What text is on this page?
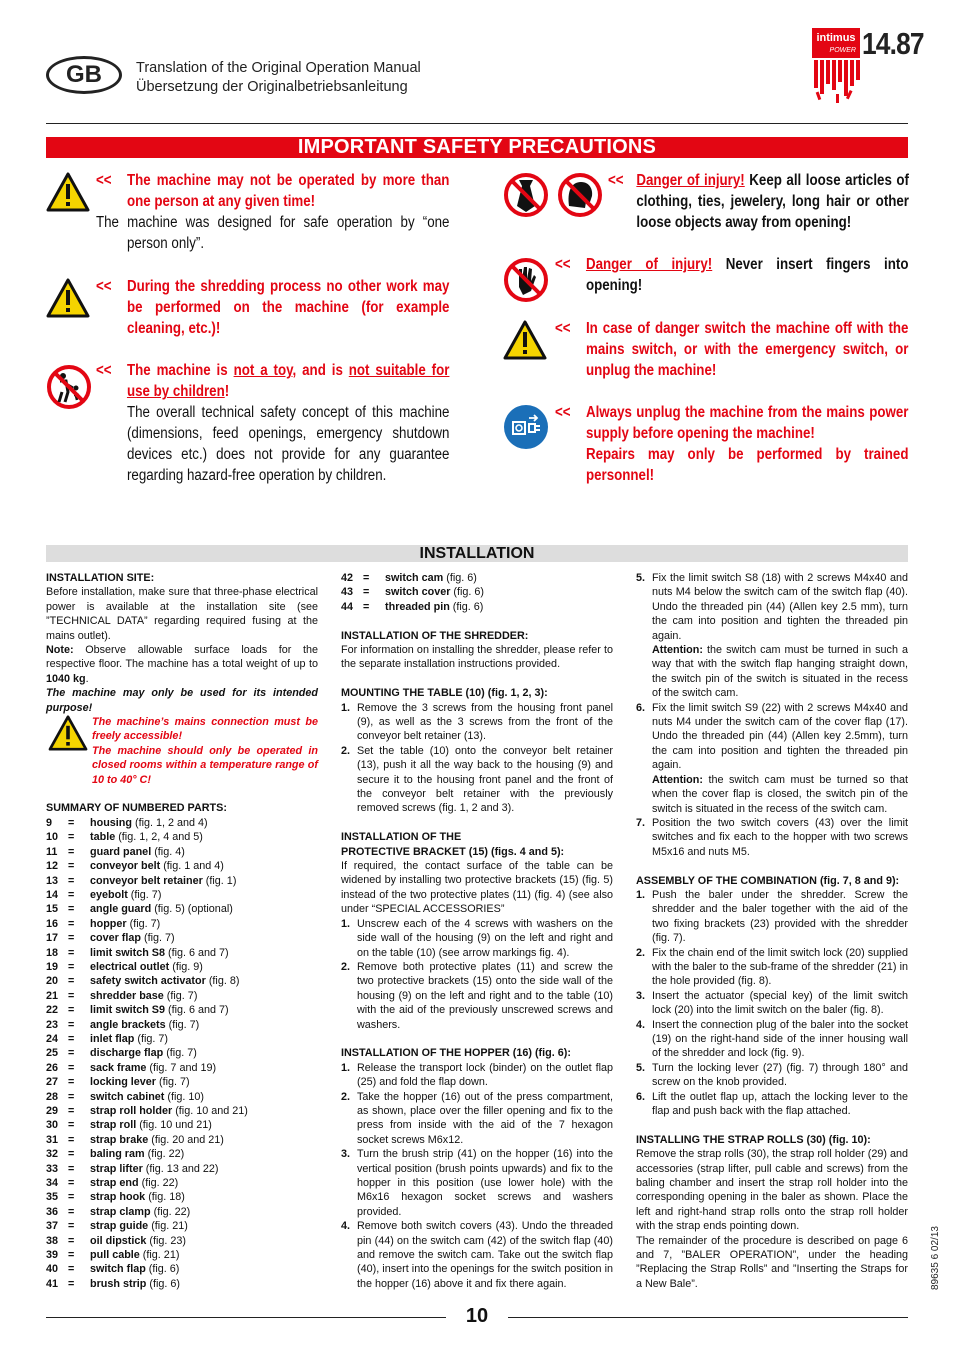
GB	Translation of the Original Operation Manual
Übersetzung der Originalbetriebsanleitung
intimus
POWER 14.87
IMPORTANT SAFETY PRECAUTIONS
<< The machine may not be operated by more than one person at any given time!
The machine was designed for safe operation by “one person only”.
<< During the shredding process no other work may be performed on the machine (for example cleaning, etc.)!
<< The machine is not a toy, and is not suitable for use by children!
The overall technical safety concept of this machine (dimensions, feed openings, emergency shutdown devices etc.) does not provide for any guarantee regarding hazard-free operation by children.
<< Danger of injury! Keep all loose articles of clothing, ties, jewelery, long hair or other loose objects away from opening!
<< Danger of injury! Never insert fingers into opening!
<< In case of danger switch the machine off with the mains switch, or with the emergency switch, or unplug the machine!
<< Always unplug the machine from the mains power supply before opening the machine!
Repairs may only be performed by trained personnel!
INSTALLATION
INSTALLATION SITE:
Before installation, make sure that three-phase electrical power is available at the installation site (see ”TECHNICAL DATA” regarding required fusing at the mains outlet).
Note: Observe allowable surface loads for the respective floor. The machine has a total weight of up to 1040 kg.
The machine may only be used for its intended purpose!
The machine’s mains connection must be freely accessible!
The machine should only be operated in closed rooms within a temperature range of 10 to 40° C!
SUMMARY OF NUMBERED PARTS:
9	=	housing (fig. 1, 2 and 4)
10 =	table (fig. 1, 2, 4 and 5)
11 =	guard panel (fig. 4)
12 =	conveyor belt (fig. 1 and 4)
13 =	conveyor belt retainer (fig. 1)
14 =	eyebolt (fig. 7)
15 =	angle guard (fig. 5) (optional)
16 =	hopper (fig. 7)
17 =	cover flap (fig. 7)
18 =	limit switch S8 (fig. 6 and 7)
19 =	electrical outlet (fig. 9)
20 =	safety switch activator (fig. 8)
21 =	shredder base (fig. 7)
22 =	limit switch S9 (fig. 6 and 7)
23 =	angle brackets (fig. 7)
24 =	inlet flap (fig. 7)
25 =	discharge flap (fig. 7)
26 =	sack frame (fig. 7 and 19)
27 =	locking lever (fig. 7)
28 =	switch cabinet (fig. 10)
29 =	strap roll holder (fig. 10 and 21)
30 =	strap roll (fig. 10 und 21)
31 =	strap brake (fig. 20 and 21)
32 =	baling ram (fig. 22)
33 =	strap lifter (fig. 13 and 22)
34 =	strap end (fig. 22)
35 =	strap hook (fig. 18)
36 =	strap clamp (fig. 22)
37 =	strap guide (fig. 21)
38 =	oil dipstick (fig. 23)
39 =	pull cable (fig. 21)
40 =	switch flap (fig. 6)
41 =	brush strip (fig. 6)
42 =	switch cam (fig. 6)
43 =	switch cover (fig. 6)
44 =	threaded pin (fig. 6)
INSTALLATION OF THE SHREDDER:
For information on installing the shredder, please refer to the separate installation instructions provided.
MOUNTING THE TABLE (10) (fig. 1, 2, 3):
1. Remove the 3 screws from the housing front panel (9), as well as the 3 screws from the front of the conveyor belt retainer (13).
2. Set the table (10) onto the conveyor belt retainer (13), push it all the way back to the housing (9) and secure it to the housing front panel and the front of the conveyor belt retainer with the previously removed screws (fig. 1, 2 and 3).
INSTALLATION OF THE
PROTECTIVE BRACKET (15) (figs. 4 and 5):
If required, the contact surface of the table can be widened by installing two protective brackets (15) (fig. 5) instead of the two protective plates (11) (fig. 4) (see also under “SPECIAL ACCESSORIES”
1. Unscrew each of the 4 screws with washers on the side wall of the housing (9) on the left and right and on the table (10) (see arrow markings fig. 4).
2. Remove both protective plates (11) and screw the two protective brackets (15) onto the side wall of the housing (9) on the left and right and to the table (10) with the aid of the previously unscrewed screws and washers.
INSTALLATION OF THE HOPPER (16) (fig. 6):
1. Release the transport lock (binder) on the outlet flap (25) and fold the flap down.
2. Take the hopper (16) out of the press compartment, as shown, place over the filler opening and fix to the press from inside with the aid of the 7 hexagon socket screws M6x12.
3. Turn the brush strip (41) on the hopper (16) into the vertical position (brush points upwards) and fix to the hopper in this position (use lower hole) with the M6x16 hexagon socket screws and washers provided.
4. Remove both switch covers (43). Undo the threaded pin (44) on the switch cam (42) of the switch flap (40) and remove the switch cam. Take out the switch flap (40), insert into the openings for the switch position in the hopper (16) above it and fix there again.
5. Fix the limit switch S8 (18) with 2 screws M4x40 and nuts M4 below the switch cam of the switch flap (40). Undo the threaded pin (44) (Allen key 2.5 mm), turn the cam into position and tighten the threaded pin again.
Attention: the switch cam must be turned in such a way that with the switch flap hanging straight down, the switch pin of the switch is situated in the recess of the switch cam.
6. Fix the limit switch S9 (22) with 2 screws M4x40 and nuts M4 under the switch cam of the cover flap (17). Undo the threaded pin (44) (Allen key 2.5mm), turn the cam into position and tighten the threaded pin again.
Attention: the switch cam must be turned so that when the cover flap is closed, the switch pin of the switch is situated in the recess of the switch cam.
7. Position the two switch covers (43) over the limit switches and fix each to the hopper with two screws M5x16 and nuts M5.
ASSEMBLY OF THE COMBINATION (fig. 7, 8 and 9):
1. Push the baler under the shredder. Screw the shredder and the baler together with the aid of the two fixing brackets (23) provided with the shredder (fig. 7).
2. Fix the chain end of the limit switch lock (20) supplied with the baler to the sub-frame of the shredder (21) in the hole provided (fig. 8).
3. Insert the actuator (special key) of the limit switch lock (20) into the limit switch on the baler (fig. 8).
4. Insert the connection plug of the baler into the socket (19) on the right-hand side of the inner housing wall of the shredder and lock (fig. 9).
5. Turn the locking lever (27) (fig. 7) through 180° and screw on the knob provided.
6. Lift the outlet flap up, attach the locking lever to the flap and push back with the flap attached.
INSTALLING THE STRAP ROLLS (30) (fig. 10):
Remove the strap rolls (30), the strap roll holder (29) and accessories (strap lifter, pull cable and screws) from the baling chamber and insert the strap roll holder into the corresponding opening in the baler as shown. Place the left and right-hand strap rolls onto the strap roll holder with the strap ends pointing down.
The remainder of the procedure is described on page 6 and 7, ”BALER OPERATION”, under the heading ”Replacing the Strap Rolls” and ”Inserting the Straps for a New Bale”.
10
89635 6 02/13
